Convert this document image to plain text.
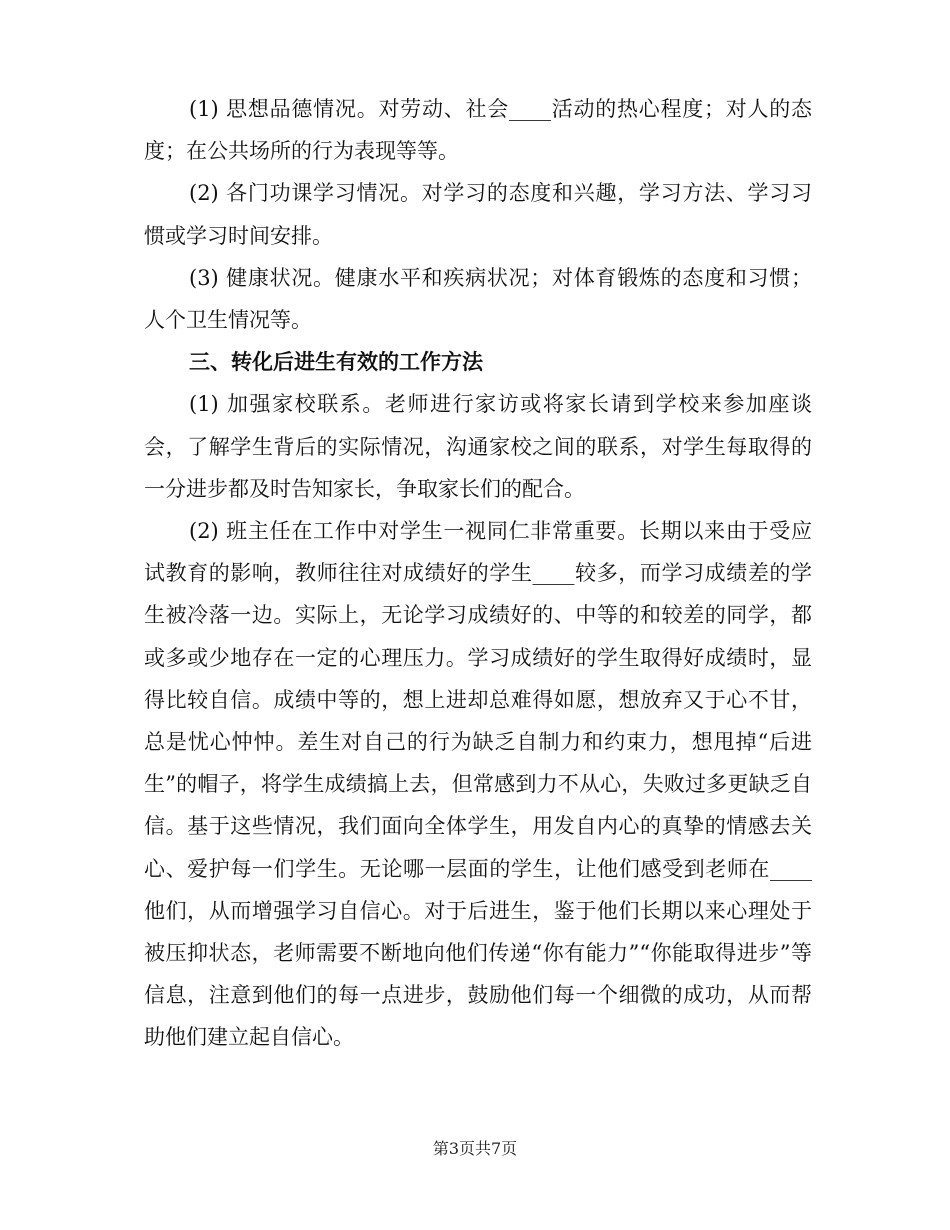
(1) 思想品德情况。对劳动、社会____活动的热心程度；对人的态度；在公共场所的行为表现等等。

(2) 各门功课学习情况。对学习的态度和兴趣，学习方法、学习习惯或学习时间安排。

(3) 健康状况。健康水平和疾病状况；对体育锻炼的态度和习惯；人个卫生情况等。

三、转化后进生有效的工作方法

(1) 加强家校联系。老师进行家访或将家长请到学校来参加座谈会，了解学生背后的实际情况，沟通家校之间的联系，对学生每取得的一分进步都及时告知家长，争取家长们的配合。

(2) 班主任在工作中对学生一视同仁非常重要。长期以来由于受应试教育的影响，教师往往对成绩好的学生____较多，而学习成绩差的学生被冷落一边。实际上，无论学习成绩好的、中等的和较差的同学，都或多或少地存在一定的心理压力。学习成绩好的学生取得好成绩时，显得比较自信。成绩中等的，想上进却总难得如愿，想放弃又于心不甘，总是忧心忡忡。差生对自己的行为缺乏自制力和约束力，想甩掉“后进生”的帽子，将学生成绩搞上去，但常感到力不从心，失败过多更缺乏自信。基于这些情况，我们面向全体学生，用发自内心的真挚的情感去关心、爱护每一们学生。无论哪一层面的学生，让他们感受到老师在____他们，从而增强学习自信心。对于后进生，鉴于他们长期以来心理处于被压抑状态，老师需要不断地向他们传递“你有能力”“你能取得进步”等信息，注意到他们的每一点进步，鼓励他们每一个细微的成功，从而帮助他们建立起自信心。

第3页共7页
